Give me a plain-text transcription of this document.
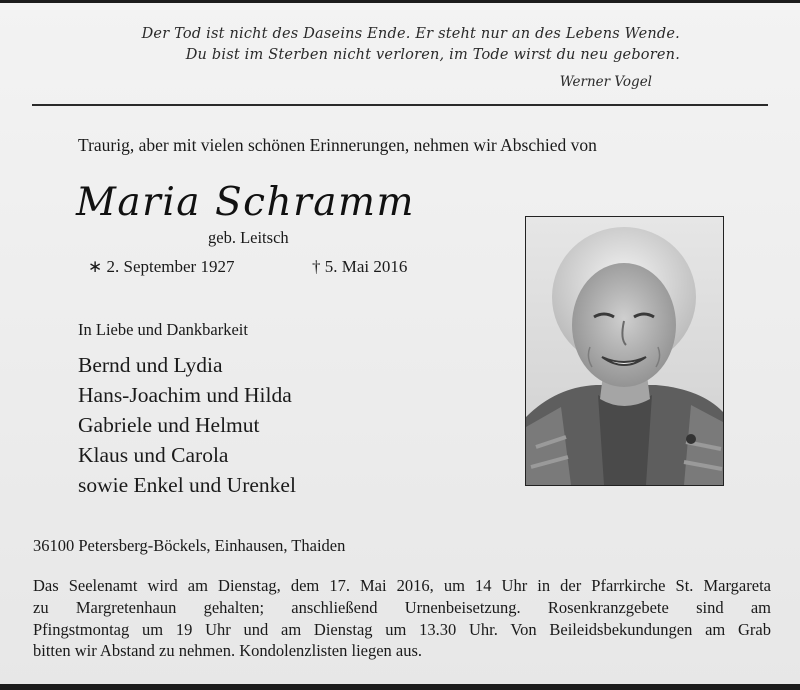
Der Tod ist nicht des Daseins Ende. Er steht nur an des Lebens Wende.
Du bist im Sterben nicht verloren, im Tode wirst du neu geboren.
Werner Vogel
Traurig, aber mit vielen schönen Erinnerungen, nehmen wir Abschied von
Maria Schramm
geb. Leitsch
∗ 2. September 1927	† 5. Mai 2016
In Liebe und Dankbarkeit
Bernd und Lydia
Hans-Joachim und Hilda
Gabriele und Helmut
Klaus und Carola
sowie Enkel und Urenkel
36100 Petersberg-Böckels, Einhausen, Thaiden
Das Seelenamt wird am Dienstag, dem 17. Mai 2016, um 14 Uhr in der Pfarrkirche St. Margareta
zu Margretenhaun gehalten; anschließend Urnenbeisetzung. Rosenkranzgebete sind am
Pfingstmontag um 19 Uhr und am Dienstag um 13.30 Uhr. Von Beileidsbekundungen am Grab
bitten wir Abstand zu nehmen. Kondolenzlisten liegen aus.
